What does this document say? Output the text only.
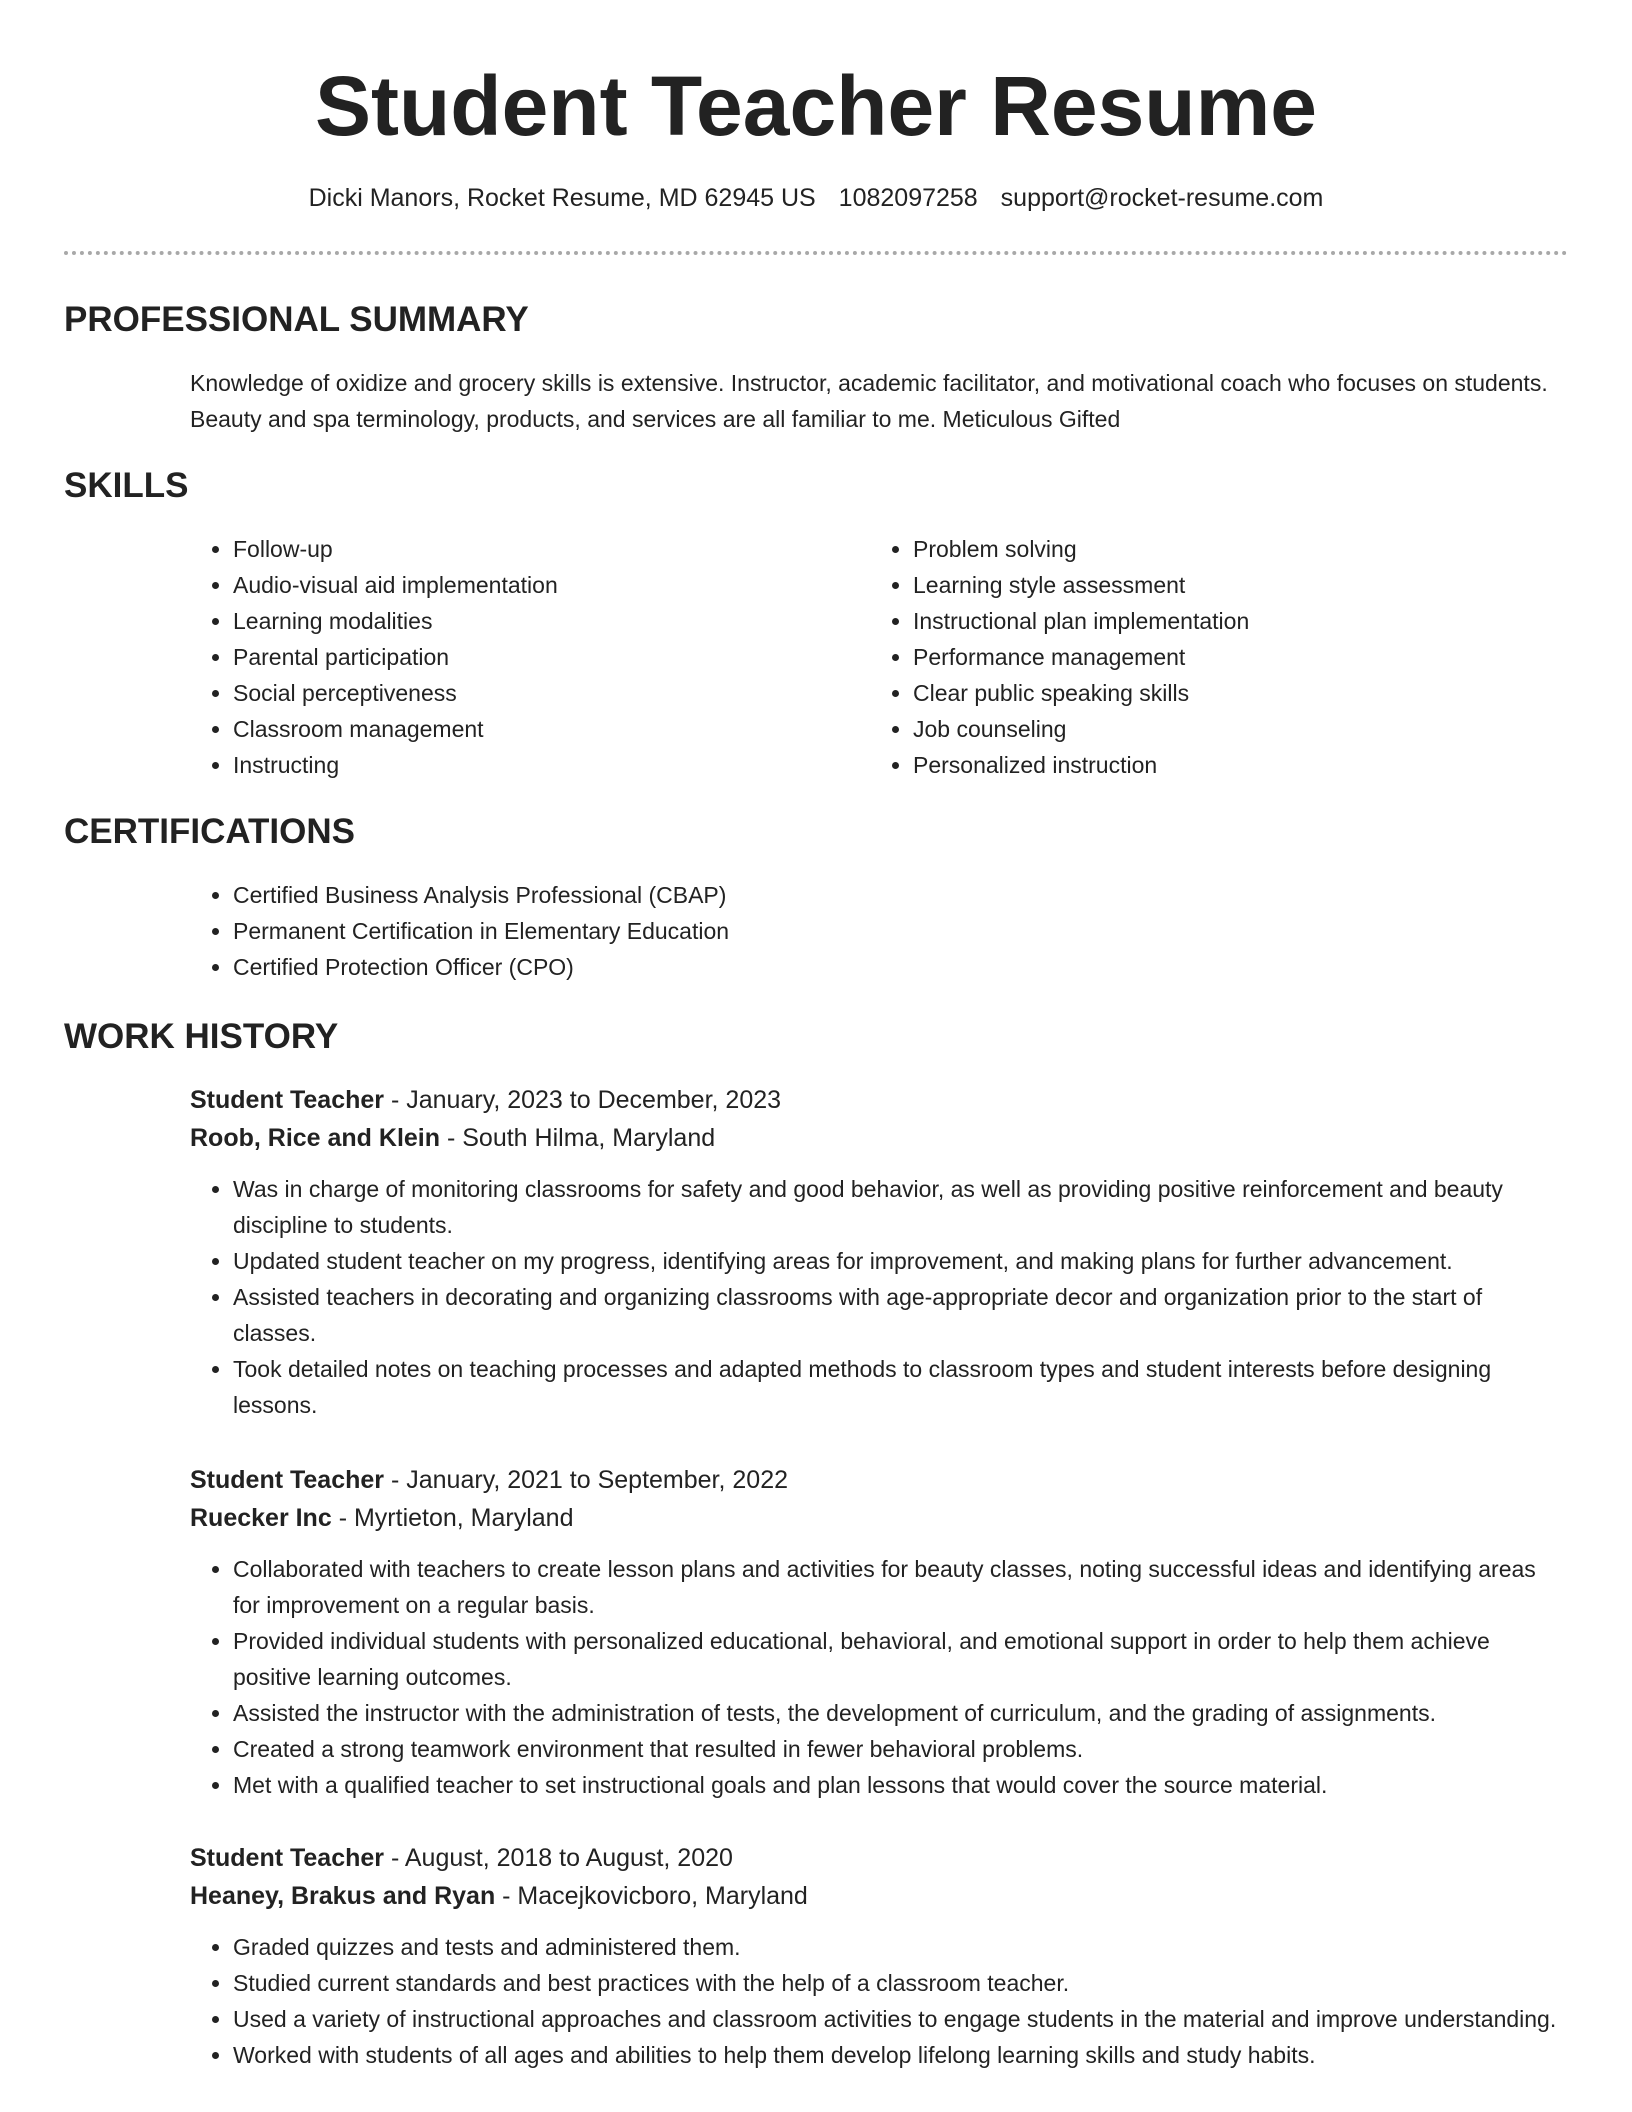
Student Teacher Resume
Dicki Manors, Rocket Resume, MD 62945 US 1082097258 support@rocket-resume.com
PROFESSIONAL SUMMARY
Knowledge of oxidize and grocery skills is extensive. Instructor, academic facilitator, and motivational coach who focuses on students. Beauty and spa terminology, products, and services are all familiar to me. Meticulous Gifted
SKILLS
• Follow-up
• Audio-visual aid implementation
• Learning modalities
• Parental participation
• Social perceptiveness
• Classroom management
• Instructing
• Problem solving
• Learning style assessment
• Instructional plan implementation
• Performance management
• Clear public speaking skills
• Job counseling
• Personalized instruction
CERTIFICATIONS
• Certified Business Analysis Professional (CBAP)
• Permanent Certification in Elementary Education
• Certified Protection Officer (CPO)
WORK HISTORY
Student Teacher - January, 2023 to December, 2023
Roob, Rice and Klein - South Hilma, Maryland
• Was in charge of monitoring classrooms for safety and good behavior, as well as providing positive reinforcement and beauty discipline to students.
• Updated student teacher on my progress, identifying areas for improvement, and making plans for further advancement.
• Assisted teachers in decorating and organizing classrooms with age-appropriate decor and organization prior to the start of classes.
• Took detailed notes on teaching processes and adapted methods to classroom types and student interests before designing lessons.
Student Teacher - January, 2021 to September, 2022
Ruecker Inc - Myrtieton, Maryland
• Collaborated with teachers to create lesson plans and activities for beauty classes, noting successful ideas and identifying areas for improvement on a regular basis.
• Provided individual students with personalized educational, behavioral, and emotional support in order to help them achieve positive learning outcomes.
• Assisted the instructor with the administration of tests, the development of curriculum, and the grading of assignments.
• Created a strong teamwork environment that resulted in fewer behavioral problems.
• Met with a qualified teacher to set instructional goals and plan lessons that would cover the source material.
Student Teacher - August, 2018 to August, 2020
Heaney, Brakus and Ryan - Macejkovicboro, Maryland
• Graded quizzes and tests and administered them.
• Studied current standards and best practices with the help of a classroom teacher.
• Used a variety of instructional approaches and classroom activities to engage students in the material and improve understanding.
• Worked with students of all ages and abilities to help them develop lifelong learning skills and study habits.
